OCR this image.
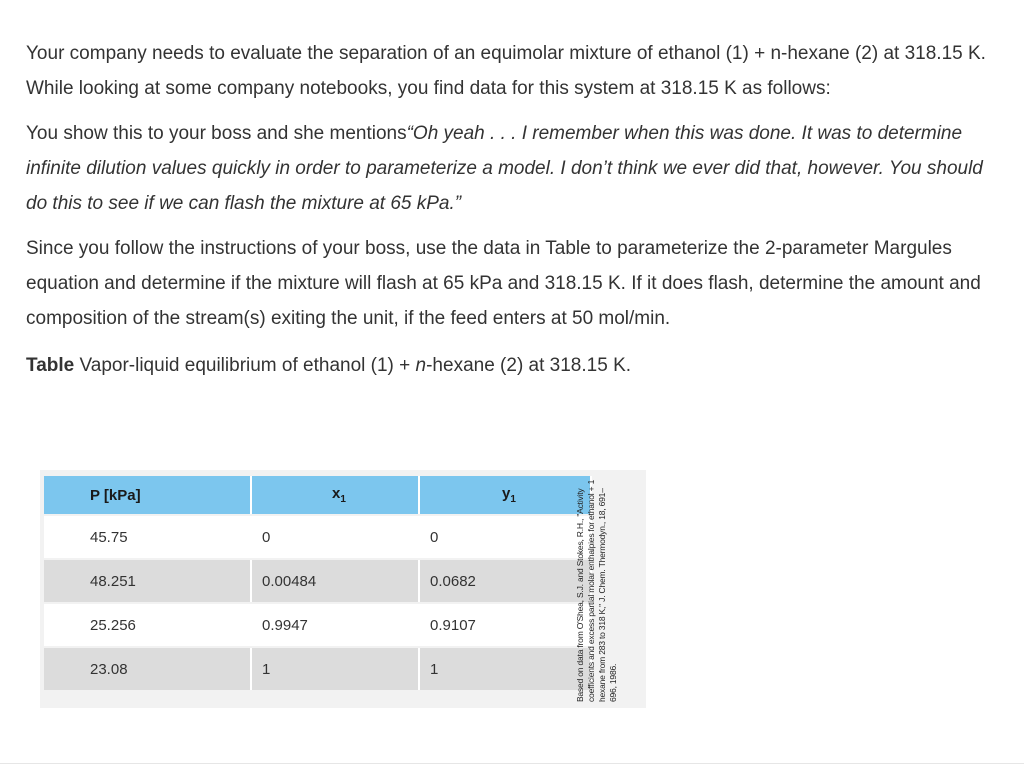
Your company needs to evaluate the separation of an equimolar mixture of ethanol (1) + n-hexane (2) at 318.15 K. While looking at some company notebooks, you find data for this system at 318.15 K as follows:

You show this to your boss and she mentions“Oh yeah . . . I remember when this was done. It was to determine infinite dilution values quickly in order to parameterize a model. I don’t think we ever did that, however. You should do this to see if we can flash the mixture at 65 kPa.”

Since you follow the instructions of your boss, use the data in Table to parameterize the 2-parameter Margules equation and determine if the mixture will flash at 65 kPa and 318.15 K. If it does flash, determine the amount and composition of the stream(s) exiting the unit, if the feed enters at 50 mol/min.

Table Vapor-liquid equilibrium of ethanol (1) + n-hexane (2) at 318.15 K.

P [kPa]	$x_1$	$y_1$
45.75	0	0
48.251	0.00484	0.0682
25.256	0.9947	0.9107
23.08	1	1	Based on data from O'Shea, S.J. and Stokes, R.H., "Activity coefficients and excess partial molar enthalpies for ethanol + 1 hexane from 283 to 318 K," J. Chem. Thermodyn., 18, 691–696, 1986.
